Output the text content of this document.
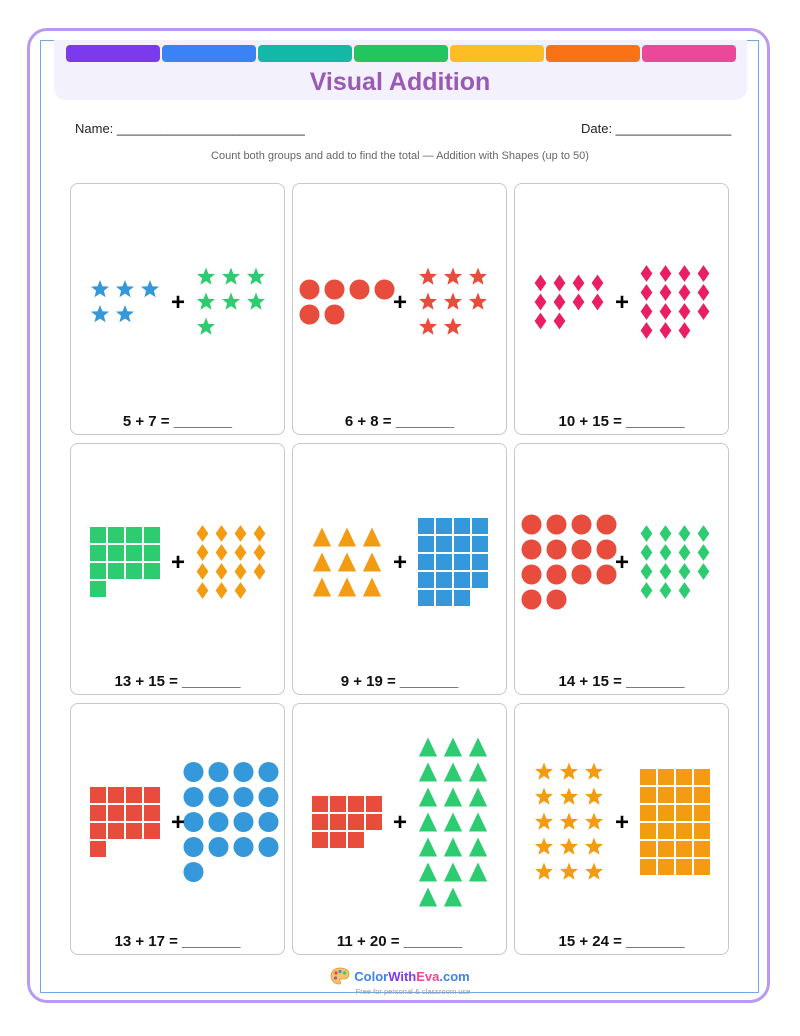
Visual Addition
Name: __________________________	Date: ________________
Count both groups and add to find the total — Addition with Shapes (up to 50)
+
5 + 7 = _______
+
6 + 8 = _______
+
10 + 15 = _______
+
13 + 15 = _______
+
9 + 19 = _______
+
14 + 15 = _______
+
13 + 17 = _______
+
11 + 20 = _______
+
15 + 24 = _______
ColorWithEva.com
Free for personal & classroom use
